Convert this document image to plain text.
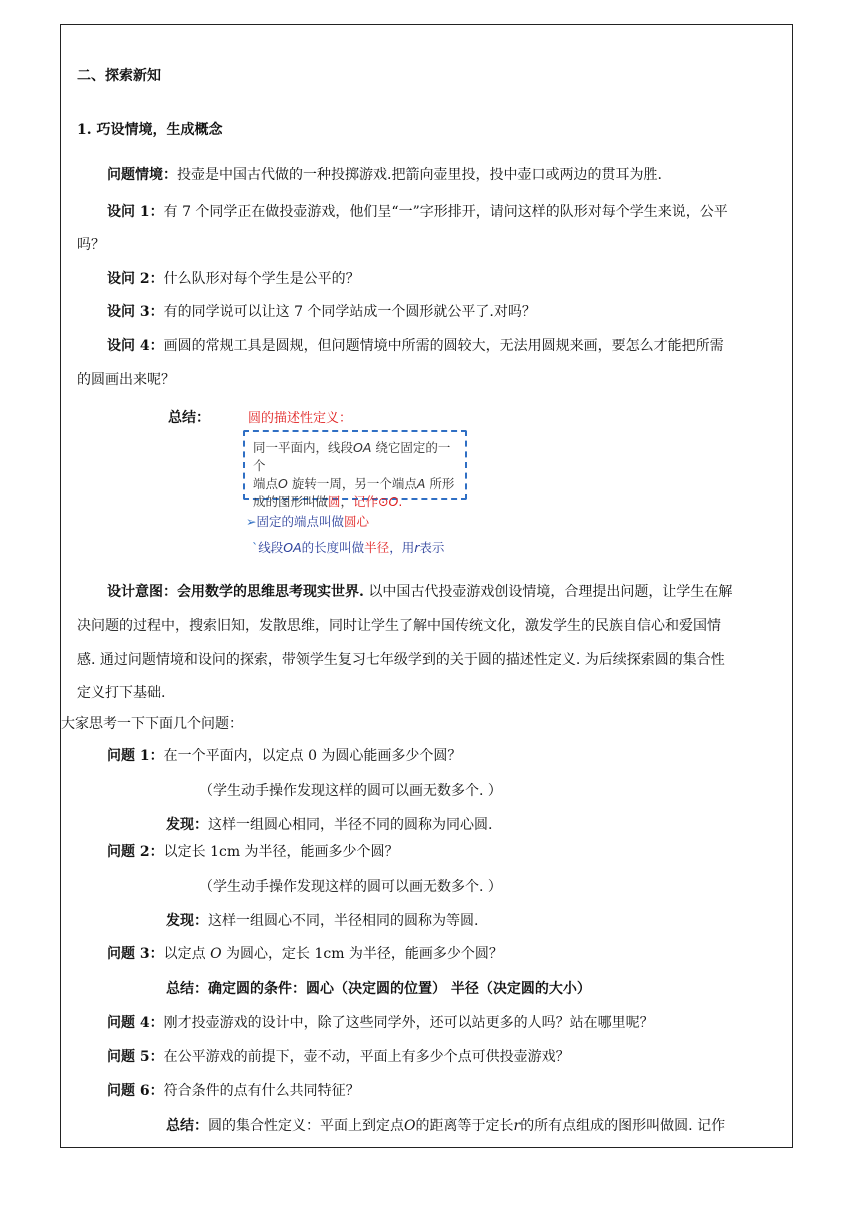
二、探索新知
1. 巧设情境，生成概念
问题情境：投壶是中国古代做的一种投掷游戏.把箭向壶里投，投中壶口或两边的贯耳为胜.
设问 1：有 7 个同学正在做投壶游戏，他们呈“一”字形排开，请问这样的队形对每个学生来说，公平
吗？
设问 2：什么队形对每个学生是公平的？
设问 3：有的同学说可以让这 7 个同学站成一个圆形就公平了.对吗？
设问 4：画圆的常规工具是圆规，但问题情境中所需的圆较大，无法用圆规来画，要怎么才能把所需
的圆画出来呢？
总结：	圆的描述性定义：
同一平面内，线段OA 绕它固定的一个
端点O 旋转一周，另一个端点A 所形
成的图形叫做圆，记作⊙O.
➢固定的端点叫做圆心
`线段OA的长度叫做半径，用r表示
设计意图：会用数学的思维思考现实世界. 以中国古代投壶游戏创设情境，合理提出问题，让学生在解
决问题的过程中，搜索旧知，发散思维，同时让学生了解中国传统文化，激发学生的民族自信心和爱国情
感. 通过问题情境和设问的探索，带领学生复习七年级学到的关于圆的描述性定义. 为后续探索圆的集合性
定义打下基础.
大家思考一下下面几个问题：
问题 1：在一个平面内，以定点 0 为圆心能画多少个圆？
（学生动手操作发现这样的圆可以画无数多个. ）
发现：这样一组圆心相同，半径不同的圆称为同心圆.
问题 2：以定长 1cm 为半径，能画多少个圆？
（学生动手操作发现这样的圆可以画无数多个. ）
发现：这样一组圆心不同，半径相同的圆称为等圆.
问题 3：以定点 O 为圆心，定长 1cm 为半径，能画多少个圆？
总结：确定圆的条件：圆心（决定圆的位置） 半径（决定圆的大小）
问题 4：刚才投壶游戏的设计中，除了这些同学外，还可以站更多的人吗？站在哪里呢？
问题 5：在公平游戏的前提下，壶不动，平面上有多少个点可供投壶游戏？
问题 6：符合条件的点有什么共同特征？
总结：圆的集合性定义：平面上到定点O的距离等于定长r的所有点组成的图形叫做圆. 记作
